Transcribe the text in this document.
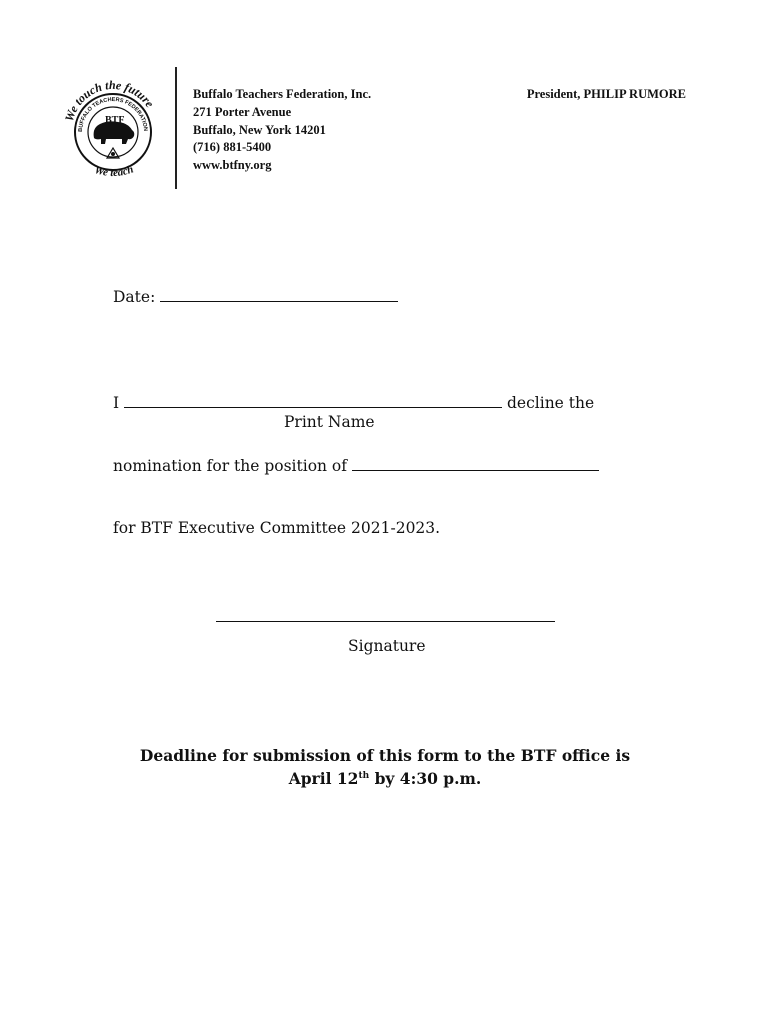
We touch the future
BUFFALO TEACHERS FEDERATION
BTF
We teach
Buffalo Teachers Federation, Inc.
271 Porter Avenue
Buffalo, New York 14201
(716) 881-5400
www.btfny.org
President, PHILIP RUMORE
Date:
I	decline the
Print Name
nomination for the position of
for BTF Executive Committee 2021-2023.
Signature
Deadline for submission of this form to the BTF office is
April 12th by 4:30 p.m.
